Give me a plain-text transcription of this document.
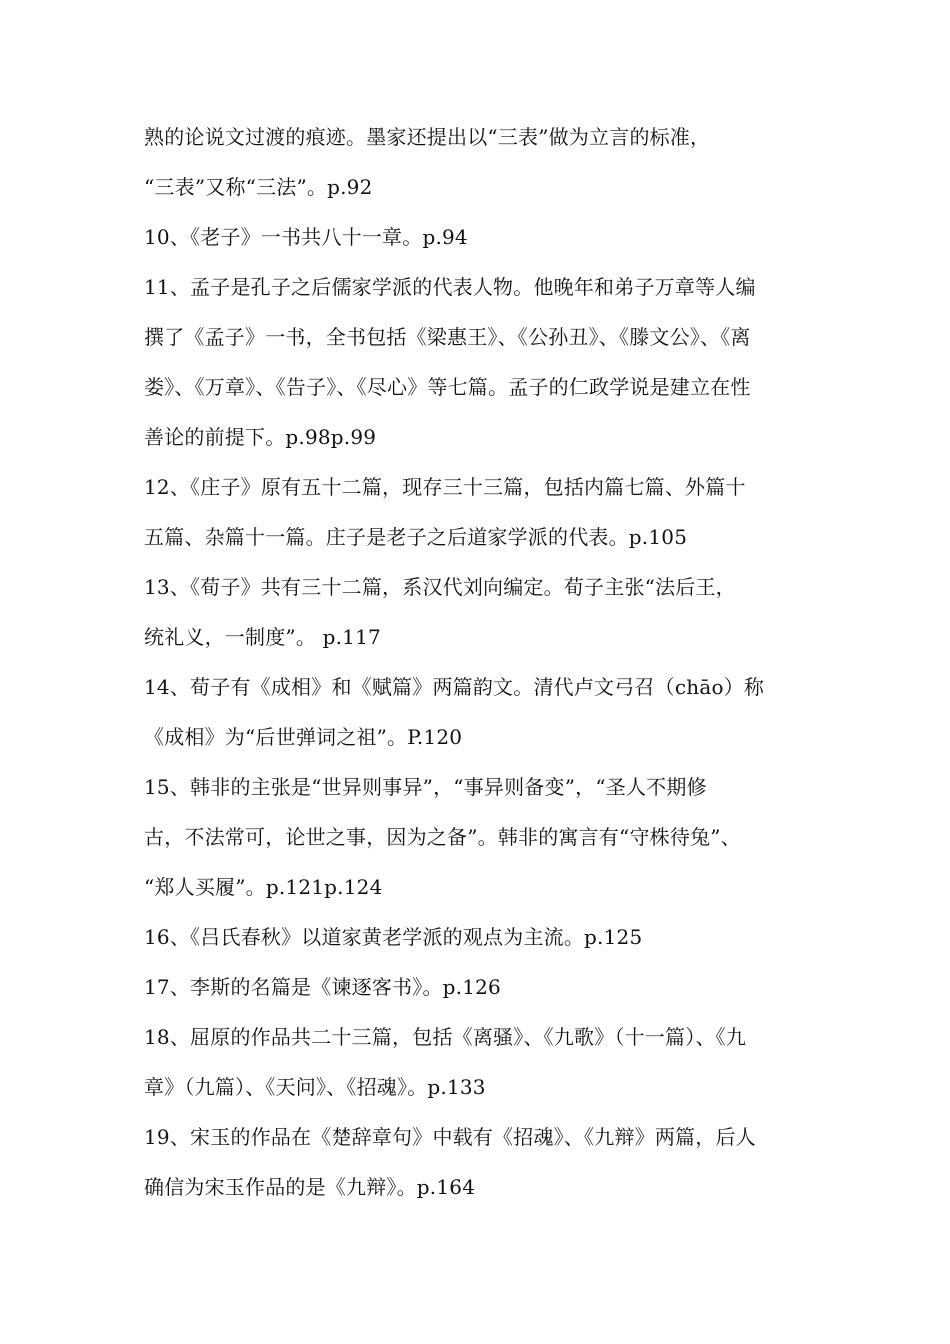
熟的论说文过渡的痕迹。墨家还提出以“三表”做为立言的标准，
“三表”又称“三法”。p.92
10、《老子》一书共八十一章。p.94
11、孟子是孔子之后儒家学派的代表人物。他晚年和弟子万章等人编
撰了《孟子》一书，全书包括《梁惠王》、《公孙丑》、《滕文公》、《离
娄》、《万章》、《告子》、《尽心》等七篇。孟子的仁政学说是建立在性
善论的前提下。p.98p.99
12、《庄子》原有五十二篇，现存三十三篇，包括内篇七篇、外篇十
五篇、杂篇十一篇。庄子是老子之后道家学派的代表。p.105
13、《荀子》共有三十二篇，系汉代刘向编定。荀子主张“法后王，
统礼义，一制度”。 p.117
14、荀子有《成相》和《赋篇》两篇韵文。清代卢文弓召（chāo）称
《成相》为“后世弹词之祖”。P.120
15、韩非的主张是“世异则事异”，“事异则备变”，“圣人不期修
古，不法常可，论世之事，因为之备”。韩非的寓言有“守株待兔”、
“郑人买履”。p.121p.124
16、《吕氏春秋》以道家黄老学派的观点为主流。p.125
17、李斯的名篇是《谏逐客书》。p.126
18、屈原的作品共二十三篇，包括《离骚》、《九歌》（十一篇）、《九
章》（九篇）、《天问》、《招魂》。p.133
19、宋玉的作品在《楚辞章句》中载有《招魂》、《九辩》两篇，后人
确信为宋玉作品的是《九辩》。p.164
